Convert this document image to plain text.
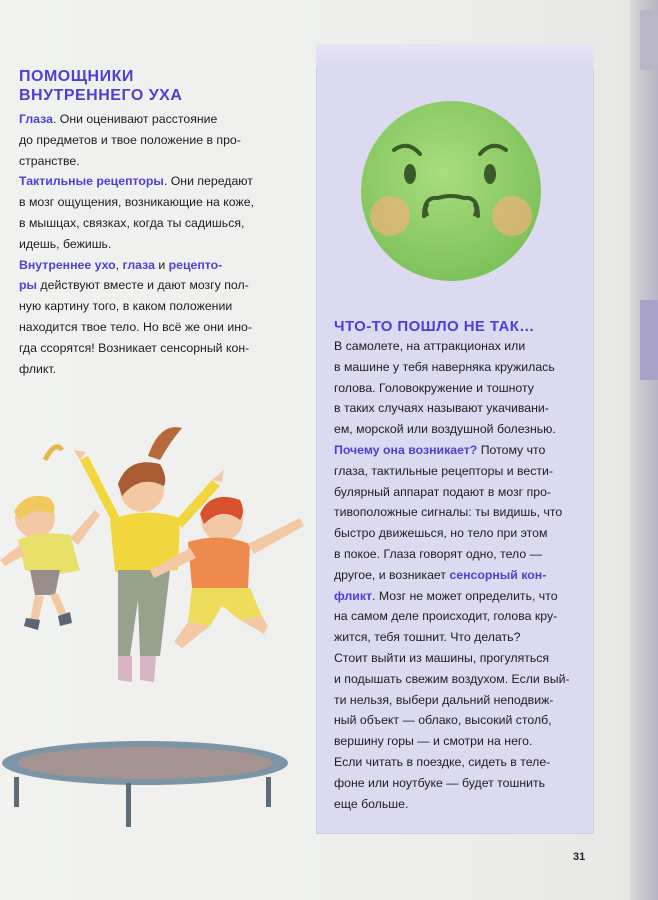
ПОМОЩНИКИ
ВНУТРЕННЕГО УХА
Глаза. Они оценивают расстояние
до предметов и твое положение в про-
странстве.
Тактильные рецепторы. Они передают
в мозг ощущения, возникающие на коже,
в мышцах, связках, когда ты садишься,
идешь, бежишь.
Внутреннее ухо, глаза и рецепто-
ры действуют вместе и дают мозгу пол-
ную картину того, в каком положении
находится твое тело. Но всё же они ино-
гда ссорятся! Возникает сенсорный кон-
фликт.
ЧТО-ТО ПОШЛО НЕ ТАК…
В самолете, на аттракционах или
в машине у тебя наверняка кружилась
голова. Головокружение и тошноту
в таких случаях называют укачивани-
ем, морской или воздушной болезнью.
Почему она возникает? Потому что
глаза, тактильные рецепторы и вести-
булярный аппарат подают в мозг про-
тивоположные сигналы: ты видишь, что
быстро движешься, но тело при этом
в покое. Глаза говорят одно, тело —
другое, и возникает сенсорный кон-
фликт. Мозг не может определить, что
на самом деле происходит, голова кру-
жится, тебя тошнит. Что делать?
Стоит выйти из машины, прогуляться
и подышать свежим воздухом. Если вый-
ти нельзя, выбери дальний неподвиж-
ный объект — облако, высокий столб,
вершину горы — и смотри на него.
Если читать в поездке, сидеть в теле-
фоне или ноутбуке — будет тошнить
еще больше.
31
